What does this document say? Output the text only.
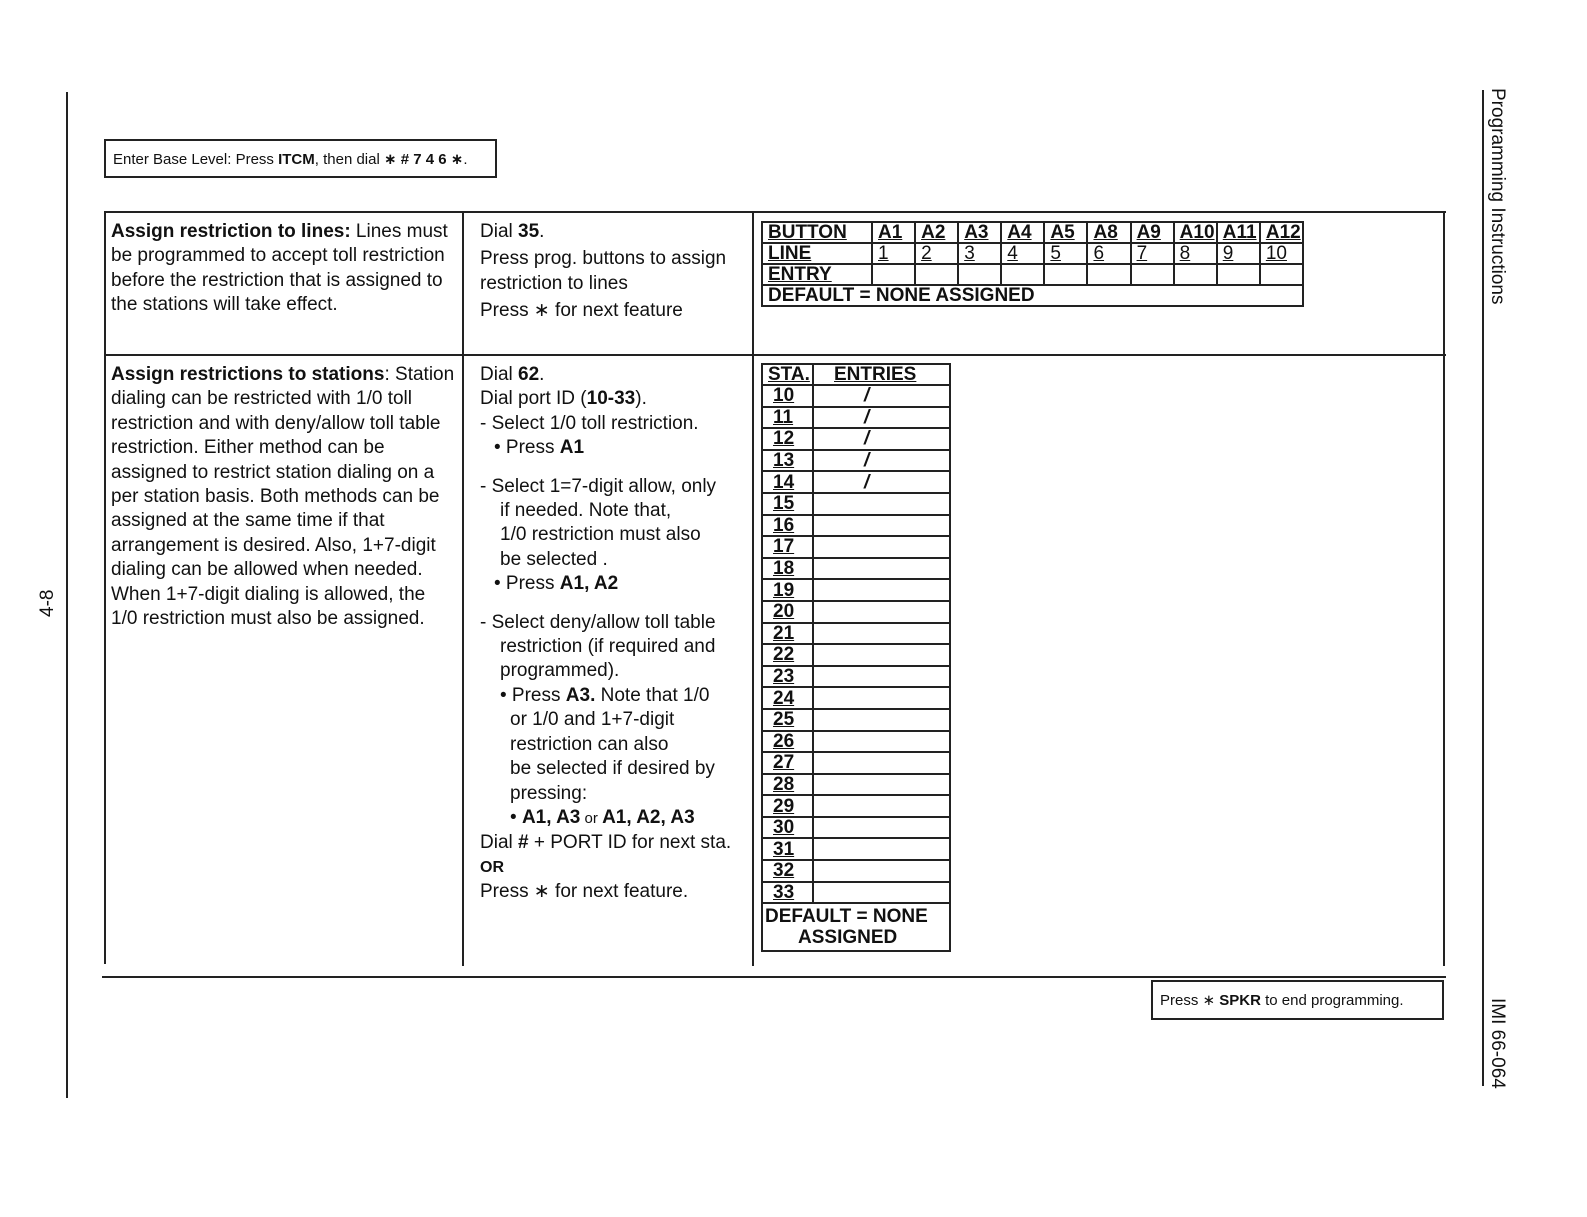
Enter Base Level: Press ITCM, then dial ∗ # 7 4 6 ∗.
Assign restriction to lines: Lines must be programmed to accept toll restriction before the restriction that is assigned to the stations will take effect.

Dial 35.

Press prog. buttons to assign restriction to lines

Press ∗ for next feature

BUTTON	A1	A2	A3	A4	A5	A8	A9	A10	A11	A12
LINE	1	2	3	4	5	6	7	8	9	10
ENTRY										
DEFAULT = NONE ASSIGNED										
Assign restrictions to stations: Station dialing can be restricted with 1/0 toll restriction and with deny/allow toll table restriction. Either method can be assigned to restrict station dialing on a per station basis. Both methods can be assigned at the same time if that arrangement is desired. Also, 1+7-digit dialing can be allowed when needed. When 1+7-digit dialing is allowed, the 1/0 restriction must also be assigned.

Dial 62.

Dial port ID (10-33).

- Select 1/0 toll restriction.

• Press A1

- Select 1=7-digit allow, only

if needed. Note that,

1/0 restriction must also

be selected .

• Press A1, A2

- Select deny/allow toll table

restriction (if required and

programmed).

• Press A3. Note that 1/0

or 1/0 and 1+7-digit

restriction can also

be selected if desired by

pressing:

• A1, A3 or A1, A2, A3

Dial # + PORT ID for next sta.

OR

Press ∗ for next feature.

STA.	ENTRIES
10	/
11	/
12	/
13	/
14	/
15	
16	
17	
18	
19	
20	
21	
22	
23	
24	
25	
26	
27	
28	
29	
30	
31	
32	
33	

DEFAULT = NONE
ASSIGNED	
Press ∗ SPKR to end programming.
4-8
Programming Instructions
IMI 66-064
